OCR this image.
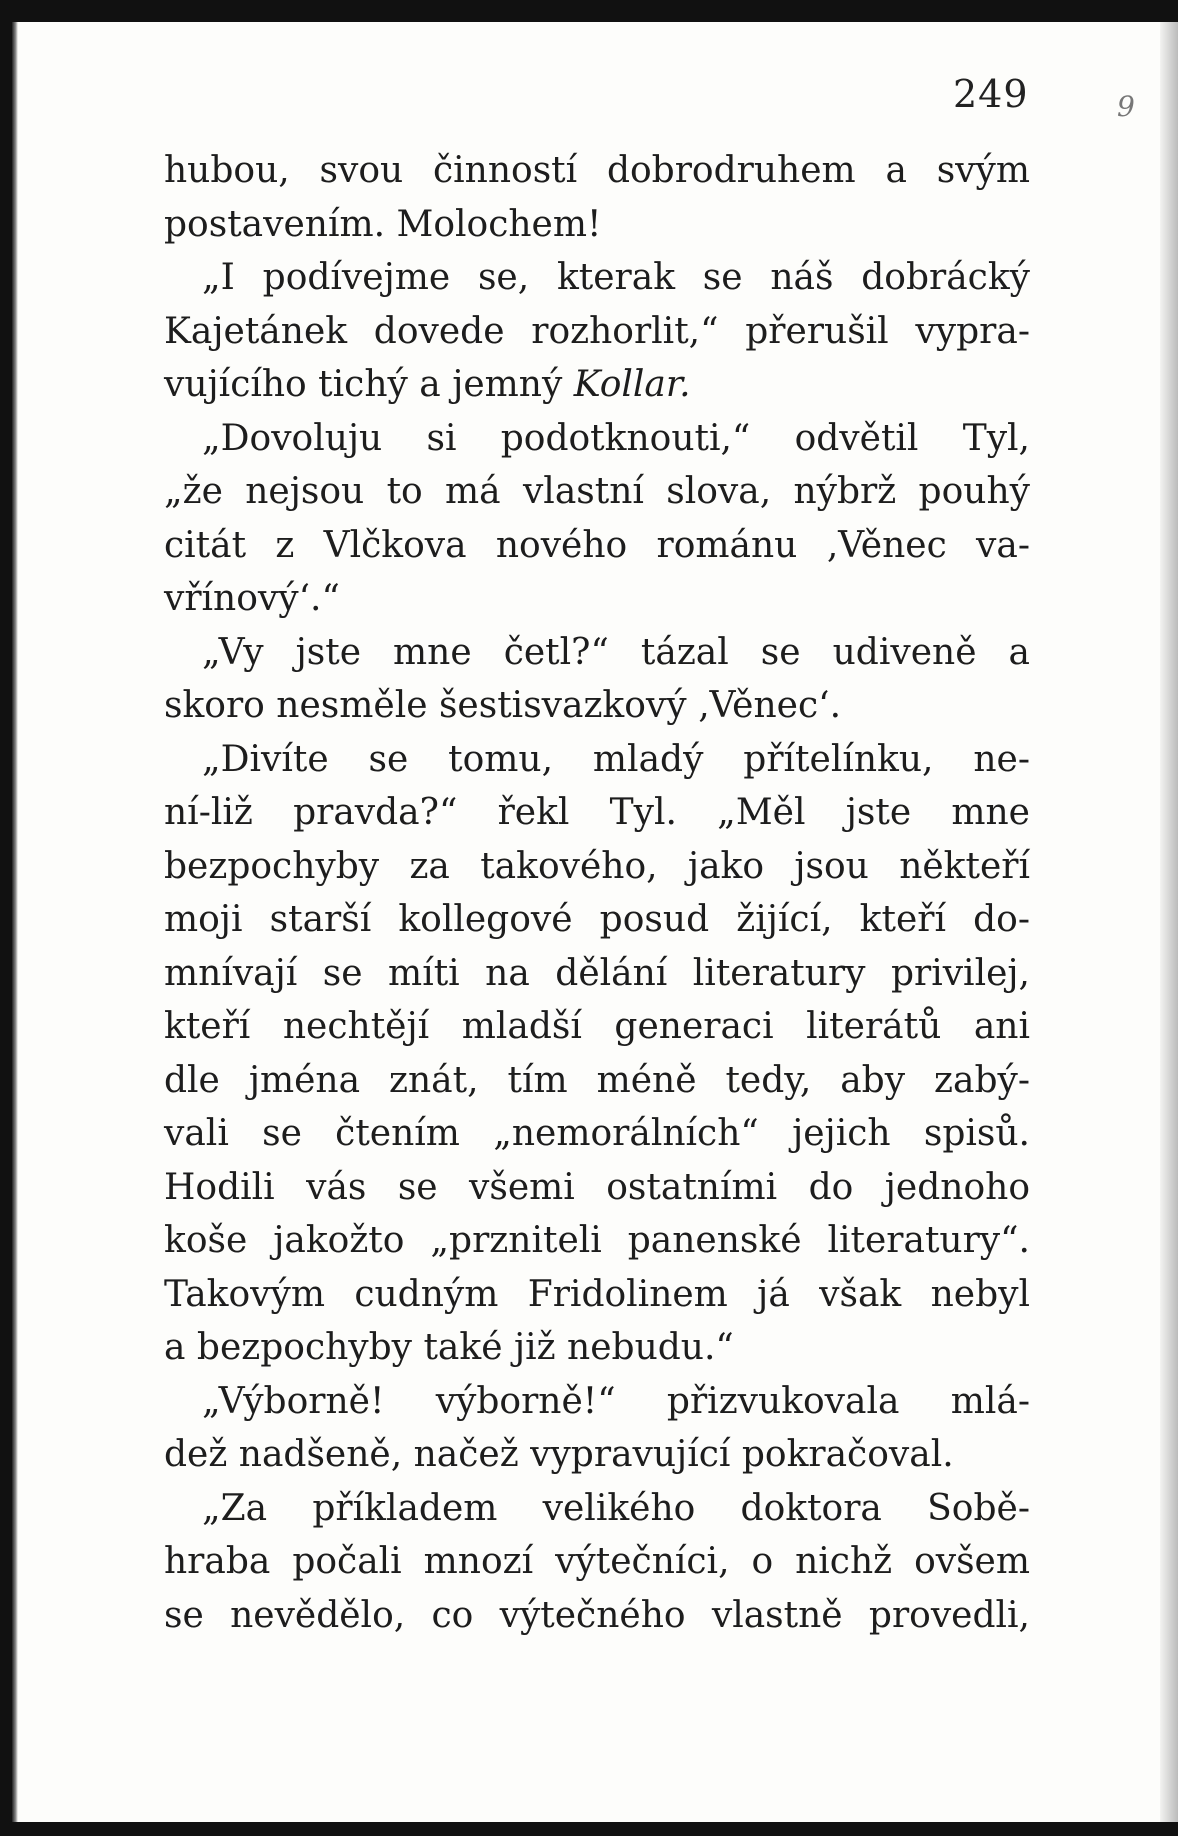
249	9
hubou, svou činností dobrodruhem a svým
postavením. Molochem!
„I podívejme se, kterak se náš dobrácký
Kajetánek dovede rozhorlit,“ přerušil vypra-
vujícího tichý a jemný Kollar.
„Dovoluju si podotknouti,“ odvětil Tyl,
„že nejsou to má vlastní slova, nýbrž pouhý
citát z Vlčkova nového románu ‚Věnec va-
vřínový‘.“
„Vy jste mne četl?“ tázal se udiveně a
skoro nesměle šestisvazkový ‚Věnec‘.
„Divíte se tomu, mladý přítelínku, ne-
ní-liž pravda?“ řekl Tyl. „Měl jste mne
bezpochyby za takového, jako jsou někteří
moji starší kollegové posud žijící, kteří do-
mnívají se míti na dělání literatury privilej,
kteří nechtějí mladší generaci literátů ani
dle jména znát, tím méně tedy, aby zabý-
vali se čtením „nemorálních“ jejich spisů.
Hodili vás se všemi ostatními do jednoho
koše jakožto „przniteli panenské literatury“.
Takovým cudným Fridolinem já však nebyl
a bezpochyby také již nebudu.“
„Výborně! výborně!“ přizvukovala mlá-
dež nadšeně, načež vypravující pokračoval.
„Za příkladem velikého doktora Sobě-
hraba počali mnozí výtečníci, o nichž ovšem
se nevědělo, co výtečného vlastně provedli,
